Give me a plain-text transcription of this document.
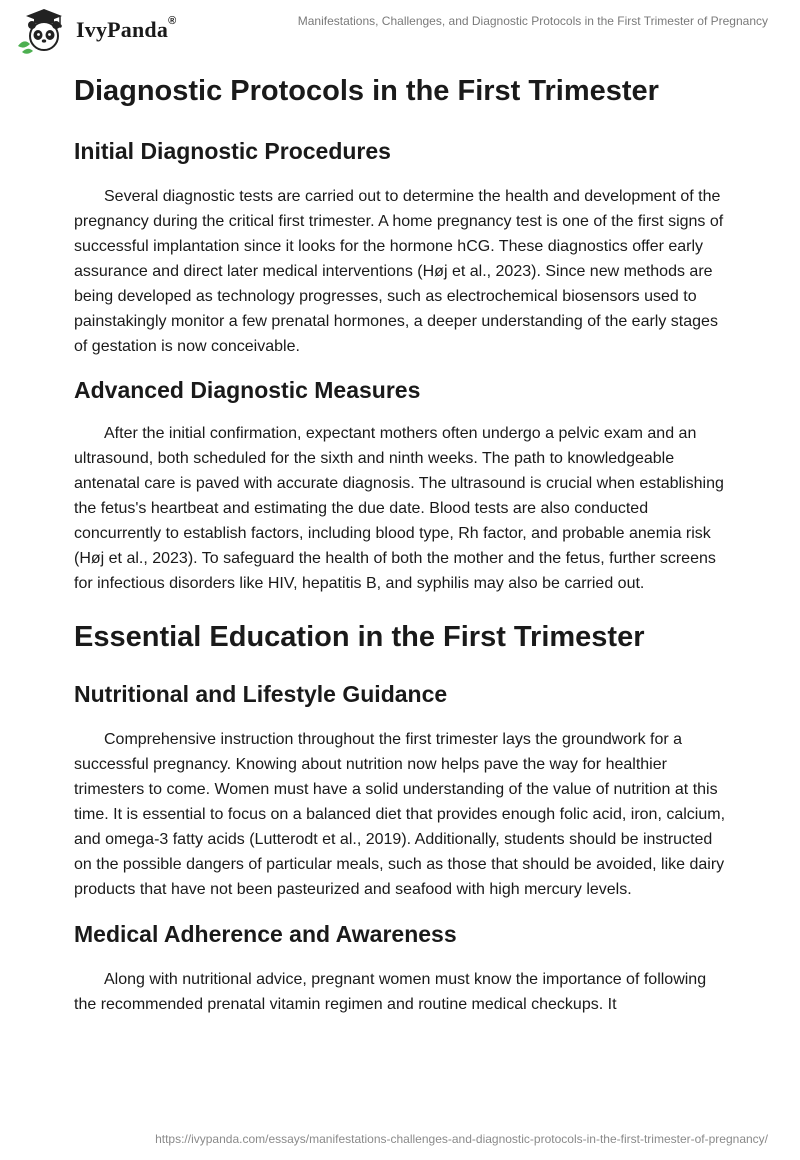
IvyPanda®	Manifestations, Challenges, and Diagnostic Protocols in the First Trimester of Pregnancy
Diagnostic Protocols in the First Trimester
Initial Diagnostic Procedures

Several diagnostic tests are carried out to determine the health and development of the pregnancy during the critical first trimester. A home pregnancy test is one of the first signs of successful implantation since it looks for the hormone hCG. These diagnostics offer early assurance and direct later medical interventions (Høj et al., 2023). Since new methods are being developed as technology progresses, such as electrochemical biosensors used to painstakingly monitor a few prenatal hormones, a deeper understanding of the early stages of gestation is now conceivable.

Advanced Diagnostic Measures

After the initial confirmation, expectant mothers often undergo a pelvic exam and an ultrasound, both scheduled for the sixth and ninth weeks. The path to knowledgeable antenatal care is paved with accurate diagnosis. The ultrasound is crucial when establishing the fetus's heartbeat and estimating the due date. Blood tests are also conducted concurrently to establish factors, including blood type, Rh factor, and probable anemia risk (Høj et al., 2023). To safeguard the health of both the mother and the fetus, further screens for infectious disorders like HIV, hepatitis B, and syphilis may also be carried out.

Essential Education in the First Trimester
Nutritional and Lifestyle Guidance

Comprehensive instruction throughout the first trimester lays the groundwork for a successful pregnancy. Knowing about nutrition now helps pave the way for healthier trimesters to come. Women must have a solid understanding of the value of nutrition at this time. It is essential to focus on a balanced diet that provides enough folic acid, iron, calcium, and omega-3 fatty acids (Lutterodt et al., 2019). Additionally, students should be instructed on the possible dangers of particular meals, such as those that should be avoided, like dairy products that have not been pasteurized and seafood with high mercury levels.

Medical Adherence and Awareness

Along with nutritional advice, pregnant women must know the importance of following the recommended prenatal vitamin regimen and routine medical checkups. It

https://ivypanda.com/essays/manifestations-challenges-and-diagnostic-protocols-in-the-first-trimester-of-pregnancy/
